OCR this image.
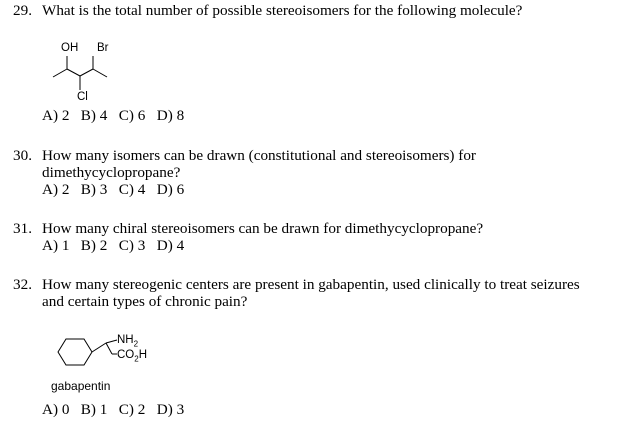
29. What is the total number of possible stereoisomers for the following molecule?
OH Br
Cl
A) 2   B) 4   C) 6   D) 8
30. How many isomers can be drawn (constitutional and stereoisomers) for
dimethycyclopropane?
A) 2   B) 3   C) 4   D) 6
31. How many chiral stereoisomers can be drawn for dimethycyclopropane?
A) 1   B) 2   C) 3   D) 4
32. How many stereogenic centers are present in gabapentin, used clinically to treat seizures
and certain types of chronic pain?
$NH_2$
$CO_2H$
gabapentin
A) 0   B) 1   C) 2   D) 3
